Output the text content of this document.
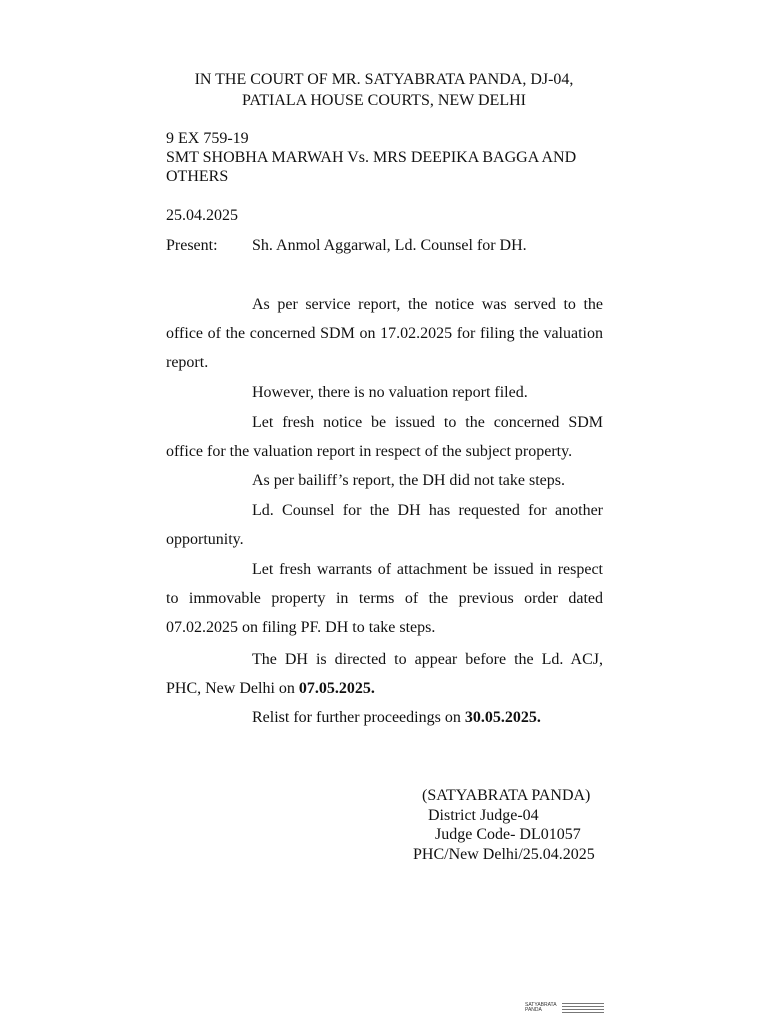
IN THE COURT OF MR. SATYABRATA PANDA, DJ-04,
PATIALA HOUSE COURTS, NEW DELHI
9 EX 759-19
SMT SHOBHA MARWAH Vs. MRS DEEPIKA BAGGA AND OTHERS
25.04.2025
Present: Sh. Anmol Aggarwal, Ld. Counsel for DH.
As per service report, the notice was served to the office of the concerned SDM on 17.02.2025 for filing the valuation report.
However, there is no valuation report filed.
Let fresh notice be issued to the concerned SDM office for the valuation report in respect of the subject property.
As per bailiff’s report, the DH did not take steps.
Ld. Counsel for the DH has requested for another opportunity.
Let fresh warrants of attachment be issued in respect to immovable property in terms of the previous order dated 07.02.2025 on filing PF. DH to take steps.
The DH is directed to appear before the Ld. ACJ, PHC, New Delhi on 07.05.2025.
Relist for further proceedings on 30.05.2025.
(SATYABRATA PANDA)
District Judge-04
Judge Code- DL01057
PHC/New Delhi/25.04.2025
SATYABRATA PANDA
